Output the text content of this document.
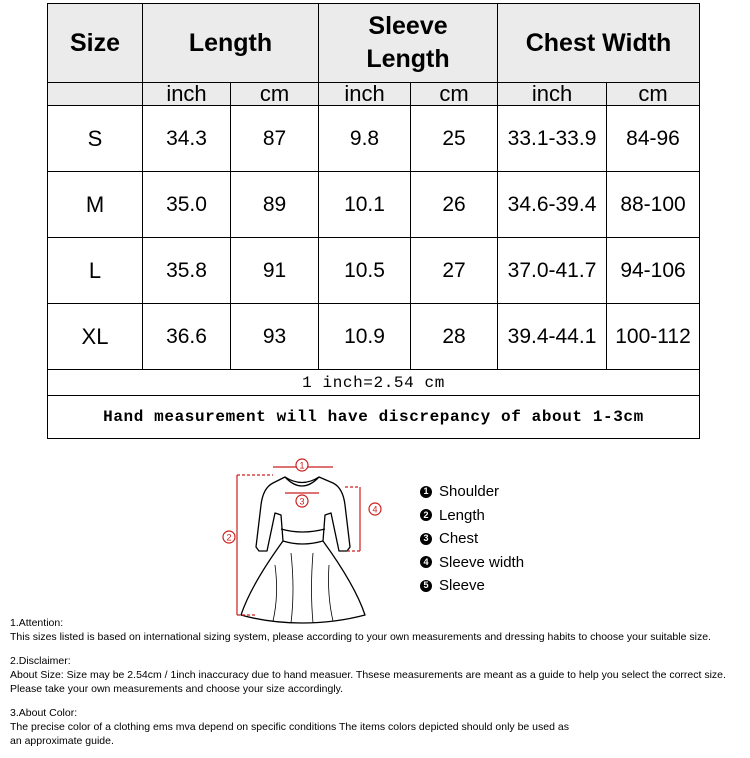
Size	Length		Sleeve Length		Chest Width	
	inch	cm	inch	cm	inch	cm
S	34.3	87	9.8	25	33.1-33.9	84-96
M	35.0	89	10.1	26	34.6-39.4	88-100
L	35.8	91	10.5	27	37.0-41.7	94-106
XL	36.6	93	10.9	28	39.4-44.1	100-112
1 inch=2.54 cm						
Hand measurement will have discrepancy of about 1-3cm						
1
3
2
4
1 Shoulder
2 Length
3 Chest
4 Sleeve width
5 Sleeve

1.Attention:

This sizes listed is based on international sizing system, please according to your own measurements and dressing habits to choose your suitable size.

2.Disclaimer:

About Size: Size may be 2.54cm / 1inch inaccuracy due to hand measuer. Thsese measurements are meant as a guide to help you select the correct size.

Please take your own measurements and choose your size accordingly.

3.About Color:

The precise color of a clothing ems mva depend on specific conditions The items colors depicted should only be used as

an approximate guide.
